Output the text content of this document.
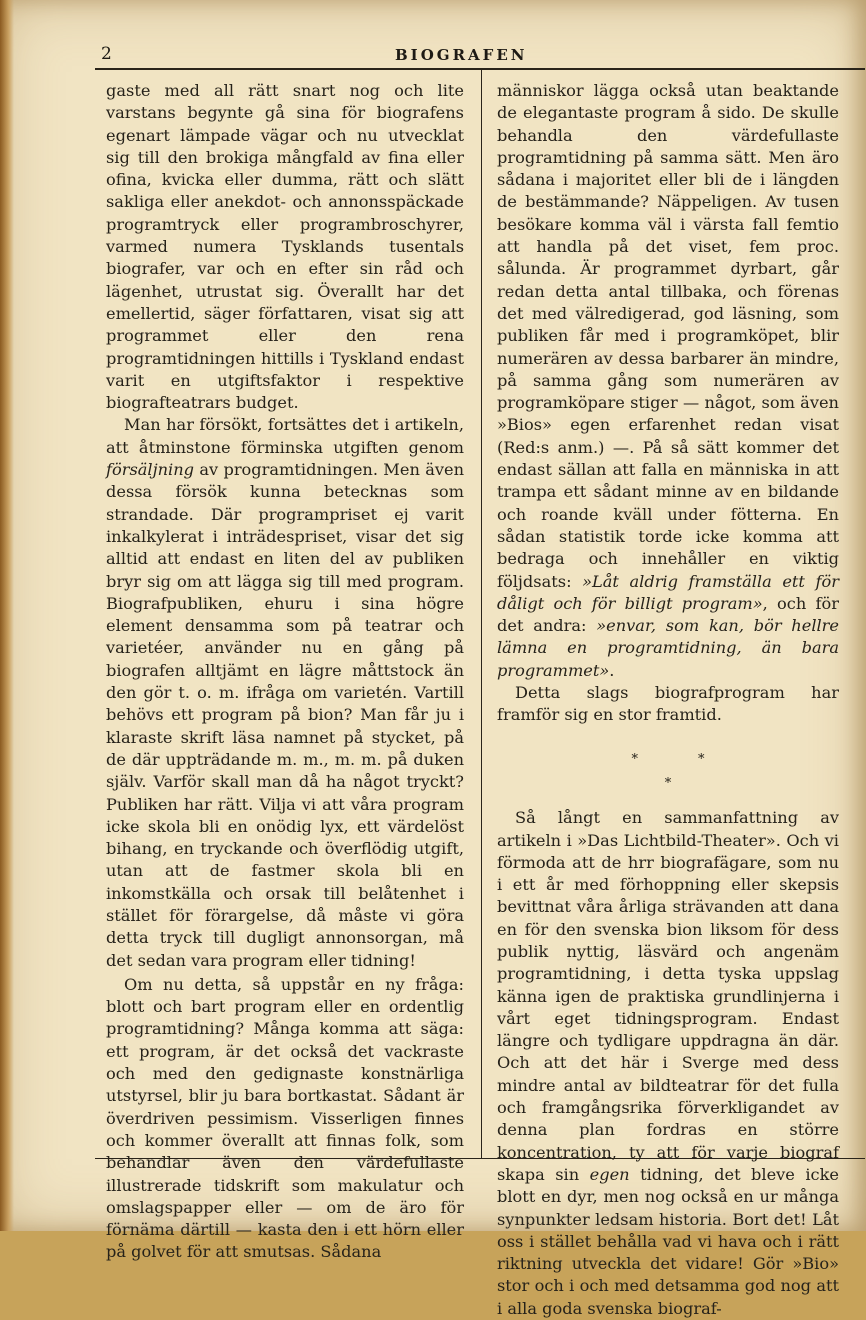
2	BIOGRAFEN

gaste med all rätt snart nog och lite varstans begynte gå sina för biografens egenart lämpade vägar och nu utvecklat sig till den brokiga mångfald av fina eller ofina, kvicka eller dumma, rätt och slätt sakliga eller anekdot- och annonsspäckade programtryck eller programbroschyrer, varmed numera Tysklands tusentals biografer, var och en efter sin råd och lägenhet, utrustat sig. Överallt har det emellertid, säger författaren, visat sig att programmet eller den rena programtidningen hittills i Tyskland endast varit en utgiftsfaktor i respektive biografteatrars budget.

Man har försökt, fortsättes det i artikeln, att åtminstone förminska utgiften genom försäljning av programtidningen. Men även dessa försök kunna betecknas som strandade. Där programpriset ej varit inkalkylerat i inträdespriset, visar det sig alltid att endast en liten del av publiken bryr sig om att lägga sig till med program. Biografpubliken, ehuru i sina högre element densamma som på teatrar och varietéer, använder nu en gång på biografen alltjämt en lägre måttstock än den gör t. o. m. ifråga om varietén. Vartill behövs ett program på bion? Man får ju i klaraste skrift läsa namnet på stycket, på de där uppträdande m. m., m. m. på duken själv. Varför skall man då ha något tryckt? Publiken har rätt. Vilja vi att våra program icke skola bli en onödig lyx, ett värdelöst bihang, en tryckande och överflödig utgift, utan att de fastmer skola bli en inkomstkälla och orsak till belåtenhet i stället för förargelse, då måste vi göra detta tryck till dugligt annonsorgan, må det sedan vara program eller tidning!

Om nu detta, så uppstår en ny fråga: blott och bart program eller en ordentlig programtidning? Många komma att säga: ett program, är det också det vackraste och med den gedignaste konstnärliga utstyrsel, blir ju bara bortkastat. Sådant är överdriven pessimism. Visserligen finnes och kommer överallt att finnas folk, som behandlar även den värdefullaste illustrerade tidskrift som makulatur och omslagspapper eller — om de äro för förnäma därtill — kasta den i ett hörn eller på golvet för att smutsas. Sådana

människor lägga också utan beaktande de elegantaste program å sido. De skulle behandla den värdefullaste programtidning på samma sätt. Men äro sådana i majoritet eller bli de i längden de bestämmande? Näppeligen. Av tusen besökare komma väl i värsta fall femtio att handla på det viset, fem proc. sålunda. Är programmet dyrbart, går redan detta antal tillbaka, och förenas det med välredigerad, god läsning, som publiken får med i programköpet, blir numerären av dessa barbarer än mindre, på samma gång som numerären av programköpare stiger — något, som även »Bios» egen erfarenhet redan visat (Red:s anm.) —. På så sätt kommer det endast sällan att falla en människa in att trampa ett sådant minne av en bildande och roande kväll under fötterna. En sådan statistik torde icke komma att bedraga och innehåller en viktig följdsats: »Låt aldrig framställa ett för dåligt och för billigt program», och för det andra: »envar, som kan, bör hellre lämna en programtidning, än bara programmet».

Detta slags biografprogram har framför sig en stor framtid.

*	*
*

Så långt en sammanfattning av artikeln i »Das Lichtbild-Theater». Och vi förmoda att de hrr biografägare, som nu i ett år med förhoppning eller skepsis bevittnat våra årliga strävanden att dana en för den svenska bion liksom för dess publik nyttig, läsvärd och angenäm programtidning, i detta tyska uppslag känna igen de praktiska grundlinjerna i vårt eget tidningsprogram. Endast längre och tydligare uppdragna än där. Och att det här i Sverge med dess mindre antal av bildteatrar för det fulla och framgångsrika förverkligandet av denna plan fordras en större koncentration, ty att för varje biograf skapa sin egen tidning, det bleve icke blott en dyr, men nog också en ur många synpunkter ledsam historia. Bort det! Låt oss i stället behålla vad vi hava och i rätt riktning utveckla det vidare! Gör »Bio» stor och i och med detsamma god nog att i alla goda svenska biograf-
